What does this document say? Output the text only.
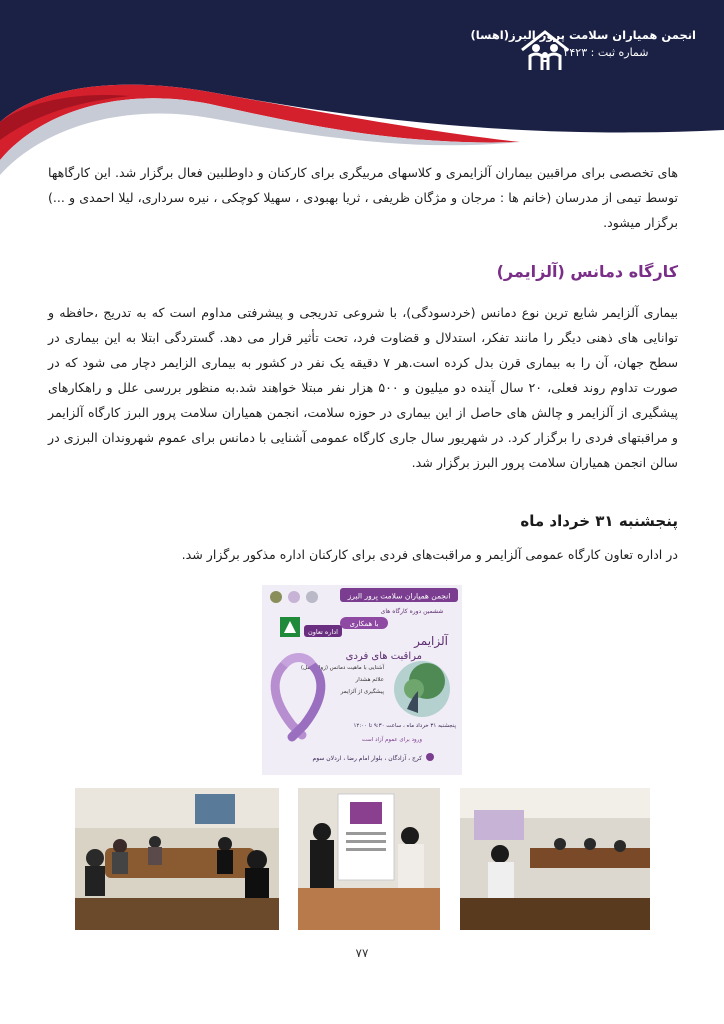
انجمن همیاران سلامت پرور البرز(اهسا)
شماره ثبت : ۲۴۲۳

های تخصصی برای مراقبین بیماران آلزایمری و کلاسهای مربیگری برای کارکنان و داوطلبین فعال برگزار شد. این کارگاهها توسط تیمی از مدرسان (خانم ها : مرجان و مژگان ظریفی ، ثریا بهبودی ، سهیلا کوچکی ، نیره سرداری، لیلا احمدی و ...) برگزار میشود.

کارگاه دمانس (آلزایمر)

بیماری آلزایمر شایع ترین نوع دمانس (خردسودگی)، با شروعی تدریجی و پیشرفتی مداوم است که به تدریج ،حافظه و توانایی های ذهنی دیگر را مانند تفکر، استدلال و قضاوت فرد، تحت تأثیر قرار می دهد. گستردگی ابتلا به این بیماری در سطح جهان، آن را به بیماری قرن بدل کرده است.هر ۷ دقیقه یک نفر در کشور به بیماری الزایمر دچار می شود که در صورت تداوم روند فعلی، ۲۰ سال آینده دو میلیون و ۵۰۰ هزار نفر مبتلا خواهند شد.به منظور بررسی علل و راهکارهای پیشگیری از آلزایمر و چالش های حاصل از این بیماری در حوزه سلامت، انجمن همیاران سلامت پرور البرز کارگاه آلزایمر و مراقبتهای فردی را برگزار کرد. در شهریور سال جاری کارگاه عمومی آشنایی با دمانس برای عموم شهروندان البرزی در سالن انجمن همیاران سلامت پرور البرز برگزار شد.

پنجشنبه ۳۱ خرداد ماه

در اداره تعاون کارگاه عمومی آلزایمر و مراقبت‌های فردی برای کارکنان اداره مذکور برگزار شد.

انجمن همیاران سلامت پرور البرز
ششمین دوره کارگاه های
با همکاری
اداره تعاون
آلزایمر
مراقبت های فردی
آشنایی با ماهیت دمانس (زوال عقل)
علائم هشدار
پیشگیری از آلزایمر
پنجشنبه ۳۱ خرداد ماه ، ساعت ۹:۳۰ تا ۱۲:۰۰
ورود برای عموم آزاد است
کرج ، آزادگان ، بلوار امام رضا ، اردلان سوم
۷۷
